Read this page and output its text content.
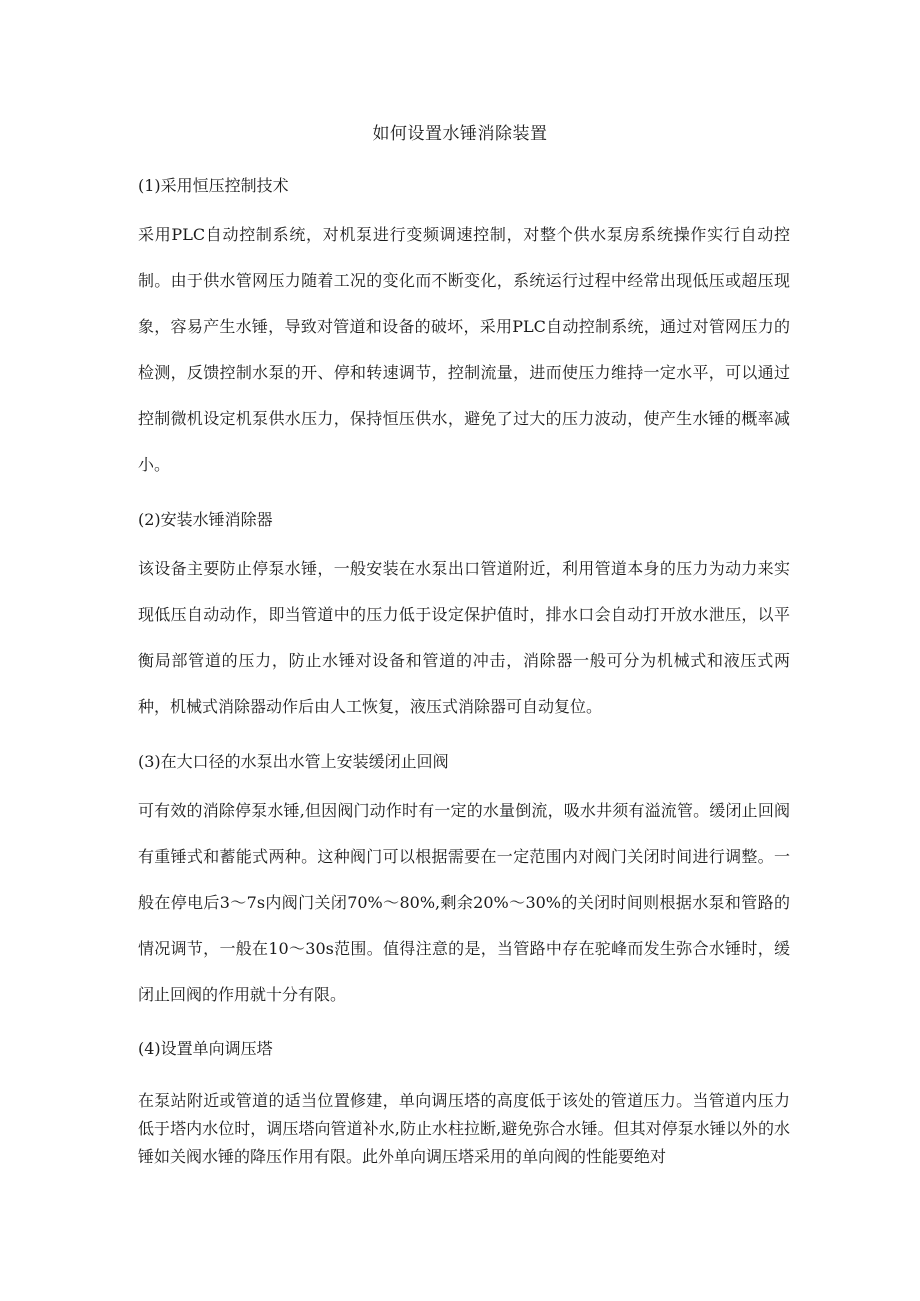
如何设置水锤消除装置
(1)采用恒压控制技术

采用PLC自动控制系统，对机泵进行变频调速控制，对整个供水泵房系统操作实行自动控制。由于供水管网压力随着工况的变化而不断变化，系统运行过程中经常出现低压或超压现象，容易产生水锤，导致对管道和设备的破坏，采用PLC自动控制系统，通过对管网压力的检测，反馈控制水泵的开、停和转速调节，控制流量，进而使压力维持一定水平，可以通过控制微机设定机泵供水压力，保持恒压供水，避免了过大的压力波动，使产生水锤的概率减小。

(2)安装水锤消除器

该设备主要防止停泵水锤，一般安装在水泵出口管道附近，利用管道本身的压力为动力来实现低压自动动作，即当管道中的压力低于设定保护值时，排水口会自动打开放水泄压，以平衡局部管道的压力，防止水锤对设备和管道的冲击，消除器一般可分为机械式和液压式两种，机械式消除器动作后由人工恢复，液压式消除器可自动复位。

(3)在大口径的水泵出水管上安装缓闭止回阀

可有效的消除停泵水锤,但因阀门动作时有一定的水量倒流，吸水井须有溢流管。缓闭止回阀有重锤式和蓄能式两种。这种阀门可以根据需要在一定范围内对阀门关闭时间进行调整。一般在停电后3〜7s内阀门关闭70%〜80%,剩余20%〜30%的关闭时间则根据水泵和管路的情况调节，一般在10〜30s范围。值得注意的是，当管路中存在驼峰而发生弥合水锤时，缓闭止回阀的作用就十分有限。

(4)设置单向调压塔

在泵站附近或管道的适当位置修建，单向调压塔的高度低于该处的管道压力。当管道内压力低于塔内水位时，调压塔向管道补水,防止水柱拉断,避免弥合水锤。但其对停泵水锤以外的水锤如关阀水锤的降压作用有限。此外单向调压塔采用的单向阀的性能要绝对
